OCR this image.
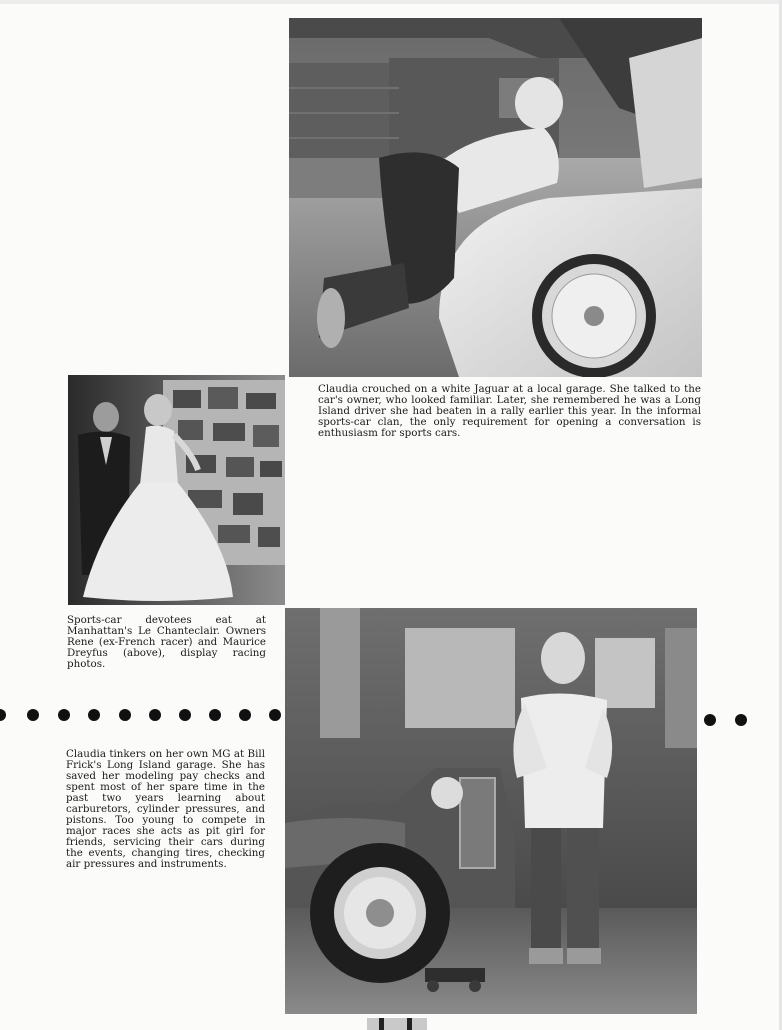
Claudia crouched on a white Jaguar at a local garage. She talked to the car's owner, who looked familiar. Later, she remembered he was a Long Island driver she had beaten in a rally earlier this year. In the informal sports-car clan, the only requirement for opening a conversation is enthusiasm for sports cars.

Sports-car devotees eat at Manhattan's Le Chanteclair. Owners Rene (ex-French racer) and Maurice Dreyfus (above), display racing photos.

Claudia tinkers on her own MG at Bill Frick's Long Island garage. She has saved her modeling pay checks and spent most of her spare time in the past two years learning about carburetors, cylinder pressures, and pistons. Too young to compete in major races she acts as pit girl for friends, servicing their cars during the events, changing tires, checking air pressures and instruments.
